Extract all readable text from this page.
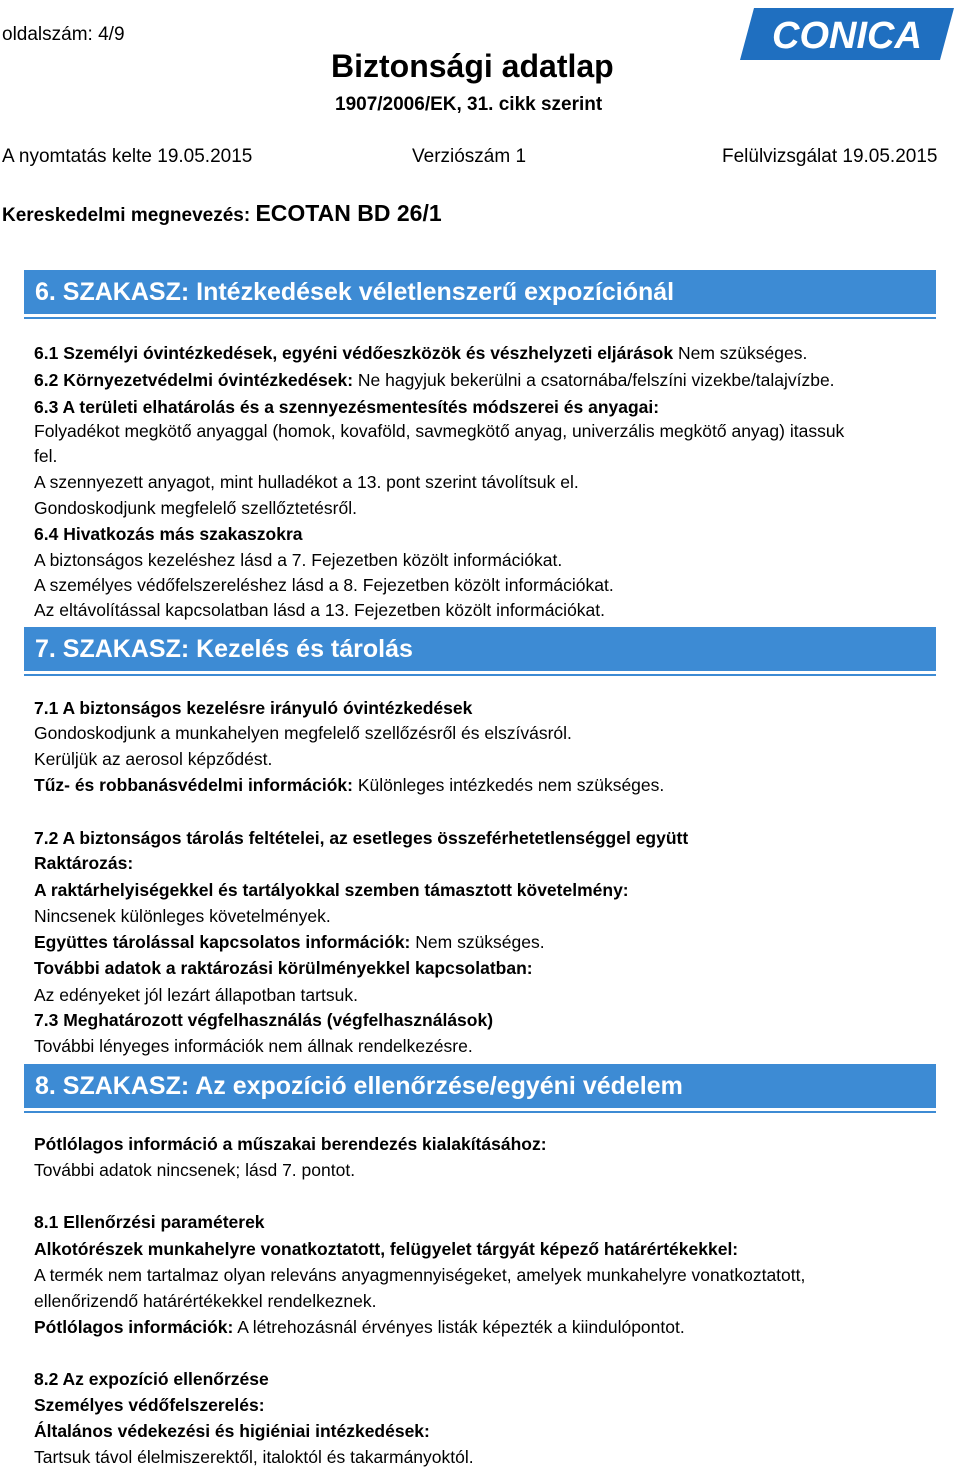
oldalszám: 4/9
Biztonsági adatlap
1907/2006/EK, 31. cikk szerint
CONICA
A nyomtatás kelte 19.05.2015	Verziószám 1	Felülvizsgálat 19.05.2015
Kereskedelmi megnevezés: ECOTAN BD 26/1
6. SZAKASZ: Intézkedések véletlenszerű expozíciónál
7. SZAKASZ: Kezelés és tárolás
8. SZAKASZ: Az expozíció ellenőrzése/egyéni védelem
6.1 Személyi óvintézkedések, egyéni védőeszközök és vészhelyzeti eljárások Nem szükséges.
6.2 Környezetvédelmi óvintézkedések: Ne hagyjuk bekerülni a csatornába/felszíni vizekbe/talajvízbe.
6.3 A területi elhatárolás és a szennyezésmentesítés módszerei és anyagai:
Folyadékot megkötő anyaggal (homok, kovaföld, savmegkötő anyag, univerzális megkötő anyag) itassuk
fel.
A szennyezett anyagot, mint hulladékot a 13. pont szerint távolítsuk el.
Gondoskodjunk megfelelő szellőztetésről.
6.4 Hivatkozás más szakaszokra
A biztonságos kezeléshez lásd a 7. Fejezetben közölt információkat.
A személyes védőfelszereléshez lásd a 8. Fejezetben közölt információkat.
Az eltávolítással kapcsolatban lásd a 13. Fejezetben közölt információkat.
7.1 A biztonságos kezelésre irányuló óvintézkedések
Gondoskodjunk a munkahelyen megfelelő szellőzésről és elszívásról.
Kerüljük az aerosol képződést.
Tűz- és robbanásvédelmi információk: Különleges intézkedés nem szükséges.
7.2 A biztonságos tárolás feltételei, az esetleges összeférhetetlenséggel együtt
Raktározás:
A raktárhelyiségekkel és tartályokkal szemben támasztott követelmény:
Nincsenek különleges követelmények.
Együttes tárolással kapcsolatos információk: Nem szükséges.
További adatok a raktározási körülményekkel kapcsolatban:
Az edényeket jól lezárt állapotban tartsuk.
7.3 Meghatározott végfelhasználás (végfelhasználások)
További lényeges információk nem állnak rendelkezésre.
Pótlólagos információ a műszakai berendezés kialakításához:
További adatok nincsenek; lásd 7. pontot.
8.1 Ellenőrzési paraméterek
Alkotórészek munkahelyre vonatkoztatott, felügyelet tárgyát képező határértékekkel:
A termék nem tartalmaz olyan releváns anyagmennyiségeket, amelyek munkahelyre vonatkoztatott,
ellenőrizendő határértékekkel rendelkeznek.
Pótlólagos információk: A létrehozásnál érvényes listák képezték a kiindulópontot.
8.2 Az expozíció ellenőrzése
Személyes védőfelszerelés:
Általános védekezési és higiéniai intézkedések:
Tartsuk távol élelmiszerektől, italoktól és takarmányoktól.
